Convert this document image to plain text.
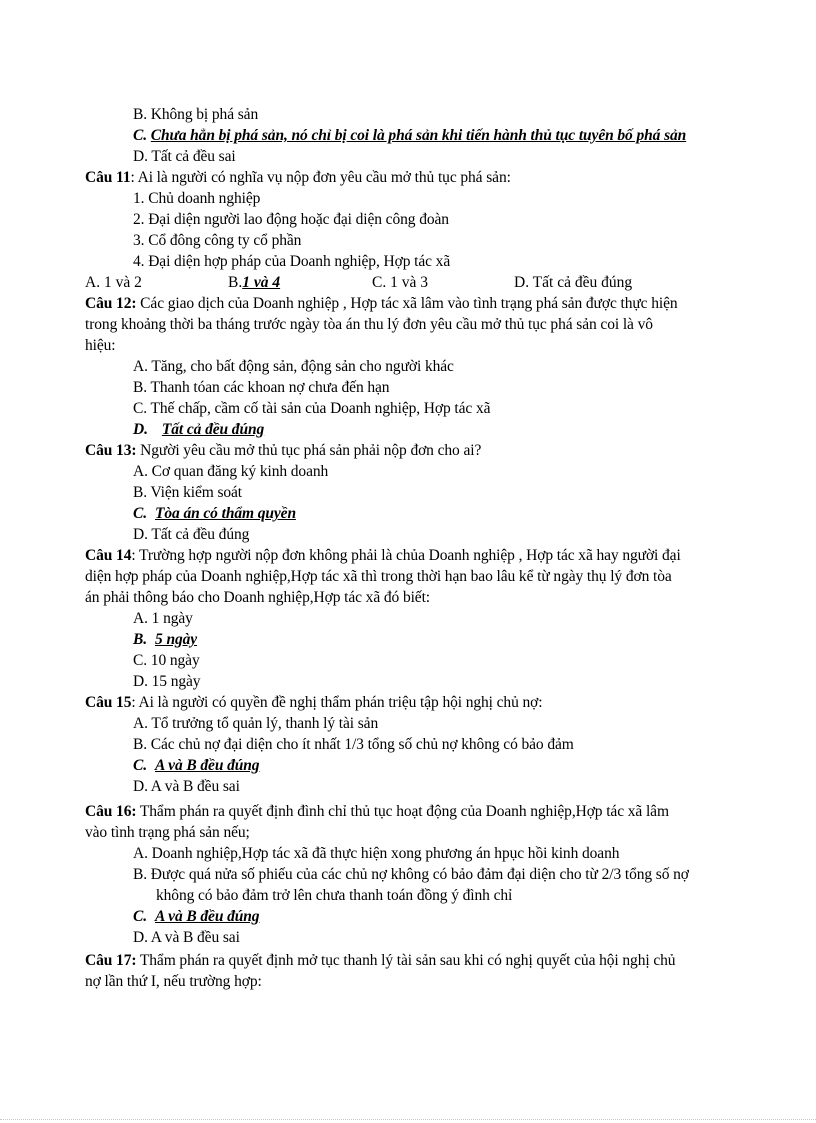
B. Không bị phá sản
C. Chưa hẳn bị phá sản, nó chỉ bị coi là phá sản khi tiến hành thủ tục tuyên bố phá sản
D. Tất cả đều sai
Câu 11: Ai là người có nghĩa vụ nộp đơn yêu cầu mở thủ tục phá sản:
1. Chủ doanh nghiệp
2. Đại diện người lao động hoặc đại diện công đoàn
3. Cổ đông công ty cổ phần
4. Đại diện hợp pháp của Doanh nghiệp, Hợp tác xã
A. 1 và 2	B.1 và 4	C. 1 và 3	D. Tất cả đều đúng
Câu 12: Các giao dịch của Doanh nghiệp , Hợp tác xã lâm vào tình trạng phá sản được thực hiện
trong khoảng thời ba tháng trước ngày tòa án thu lý đơn yêu cầu mở thủ tục phá sản coi là vô
hiệu:
A. Tăng, cho bất động sản, động sản cho người khác
B. Thanh tóan các khoan nợ chưa đến hạn
C. Thế chấp, cầm cố tài sản của Doanh nghiệp, Hợp tác xã
D. Tất cả đều đúng
Câu 13: Người yêu cầu mở thủ tục phá sản phải nộp đơn cho ai?
A. Cơ quan đăng ký kinh doanh
B. Viện kiểm soát
C. Tòa án có thẩm quyền
D. Tất cả đều đúng
Câu 14: Trường hợp người nộp đơn không phải là chủa Doanh nghiệp , Hợp tác xã hay người đại
diện hợp pháp của Doanh nghiệp,Hợp tác xã thì trong thời hạn bao lâu kể từ ngày thụ lý đơn tòa
án phải thông báo cho Doanh nghiệp,Hợp tác xã đó biết:
A. 1 ngày
B. 5 ngày
C. 10 ngày
D. 15 ngày
Câu 15: Ai là người có quyền đề nghị thẩm phán triệu tập hội nghị chủ nợ:
A. Tổ trưởng tổ quản lý, thanh lý tài sản
B. Các chủ nợ đại diện cho ít nhất 1/3 tổng số chủ nợ không có bảo đảm
C. A và B đều đúng
D. A và B đều sai
Câu 16: Thẩm phán ra quyết định đình chỉ thủ tục hoạt động của Doanh nghiệp,Hợp tác xã lâm
vào tình trạng phá sản nếu;
A. Doanh nghiệp,Hợp tác xã đã thực hiện xong phương án hpục hồi kinh doanh
B. Được quá nửa số phiếu của các chủ nợ không có bảo đảm đại diện cho từ 2/3 tổng số nợ
không có bảo đảm trở lên chưa thanh toán đồng ý đình chỉ
C. A và B đều đúng
D. A và B đều sai
Câu 17: Thẩm phán ra quyết định mở tục thanh lý tài sản sau khi có nghị quyết của hội nghị chủ
nợ lần thứ I, nếu trường hợp:
